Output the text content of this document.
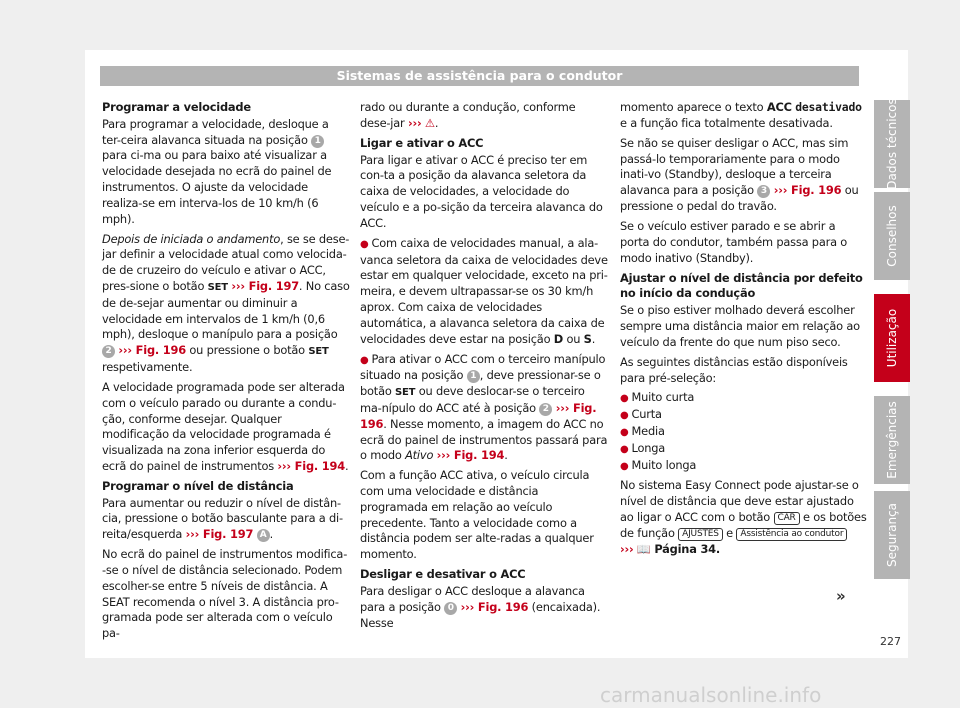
Sistemas de assistência para o condutor
Programar a velocidade

Para programar a velocidade, desloque a ter-ceira alavanca situada na posição 1 para ci-ma ou para baixo até visualizar a velocidade desejada no ecrã do painel de instrumentos. O ajuste da velocidade realiza-se em interva-los de 10 km/h (6 mph).

Depois de iniciada o andamento, se se dese-jar definir a velocidade atual como velocida-de de cruzeiro do veículo e ativar o ACC, pres-sione o botão SET ››› Fig. 197. No caso de de-sejar aumentar ou diminuir a velocidade em intervalos de 1 km/h (0,6 mph), desloque o manípulo para a posição 2 ››› Fig. 196 ou pressione o botão SET respetivamente.

A velocidade programada pode ser alterada com o veículo parado ou durante a condu-ção, conforme desejar. Qualquer modificação da velocidade programada é visualizada na zona inferior esquerda do ecrã do painel de instrumentos ››› Fig. 194.

Programar o nível de distância

Para aumentar ou reduzir o nível de distân-cia, pressione o botão basculante para a di-reita/esquerda ››› Fig. 197 A .

No ecrã do painel de instrumentos modifica--se o nível de distância selecionado. Podem escolher-se entre 5 níveis de distância. A SEAT recomenda o nível 3. A distância pro-gramada pode ser alterada com o veículo pa-

rado ou durante a condução, conforme dese-jar ››› ⚠.

Ligar e ativar o ACC

Para ligar e ativar o ACC é preciso ter em con-ta a posição da alavanca seletora da caixa de velocidades, a velocidade do veículo e a po-sição da terceira alavanca do ACC.

● Com caixa de velocidades manual, a ala-vanca seletora da caixa de velocidades deve estar em qualquer velocidade, exceto na pri-meira, e devem ultrapassar-se os 30 km/h aprox. Com caixa de velocidades automática, a alavanca seletora da caixa de velocidades deve estar na posição D ou S.

● Para ativar o ACC com o terceiro manípulo situado na posição 1 , deve pressionar-se o botão SET ou deve deslocar-se o terceiro ma-nípulo do ACC até à posição 2 ››› Fig. 196. Nesse momento, a imagem do ACC no ecrã do painel de instrumentos passará para o modo Ativo ››› Fig. 194.

Com a função ACC ativa, o veículo circula com uma velocidade e distância programada em relação ao veículo precedente. Tanto a velocidade como a distância podem ser alte-radas a qualquer momento.

Desligar e desativar o ACC

Para desligar o ACC desloque a alavanca para a posição 0 ››› Fig. 196 (encaixada). Nesse

momento aparece o texto ACC desativado e a função fica totalmente desativada.

Se não se quiser desligar o ACC, mas sim passá-lo temporariamente para o modo inati-vo (Standby), desloque a terceira alavanca para a posição 3 ››› Fig. 196 ou pressione o pedal do travão.

Se o veículo estiver parado e se abrir a porta do condutor, também passa para o modo inativo (Standby).

Ajustar o nível de distância por defeito no início da condução

Se o piso estiver molhado deverá escolher sempre uma distância maior em relação ao veículo da frente do que num piso seco.

As seguintes distâncias estão disponíveis para pré-seleção:

● Muito curta
● Curta
● Media
● Longa
● Muito longa

No sistema Easy Connect pode ajustar-se o nível de distância que deve estar ajustado ao ligar o ACC com o botão CAR e os botões de função AJUSTES e Assistência ao condutor
››› 📖 Página 34.

»
Dados técnicos
Conselhos
Utilização
Emergências
Segurança
227
carmanualsonline.info
